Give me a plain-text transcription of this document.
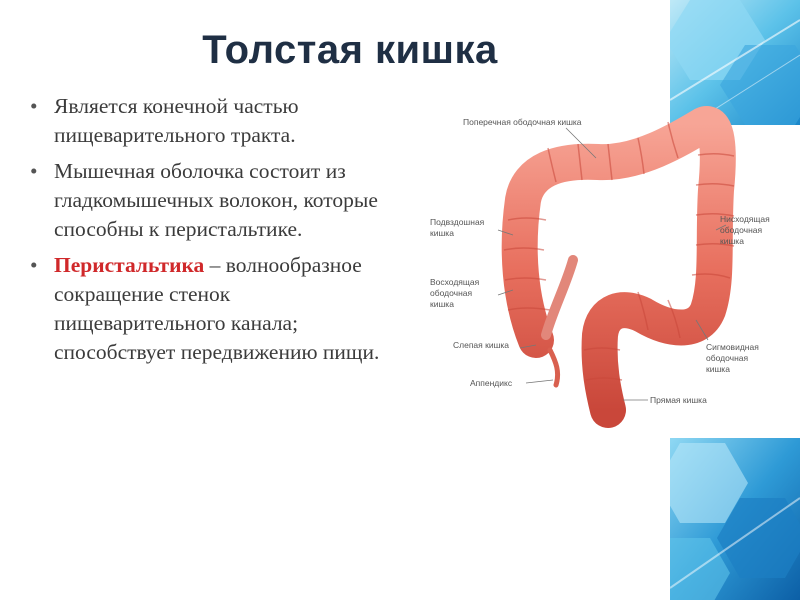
Толстая кишка
• Является конечной частью пищеварительного тракта.
• Мышечная оболочка состоит из гладкомышечных волокон, которые способны к перистальтике.
• Перистальтика – волнообразное сокращение стенок пищеварительного канала; способствует передвижению пищи.
Поперечная ободочная кишка
Подвздошная
кишка
Восходящая
ободочная
кишка
Слепая кишка
Аппендикс
Нисходящая
ободочная
кишка
Сигмовидная
ободочная
кишка
Прямая кишка
